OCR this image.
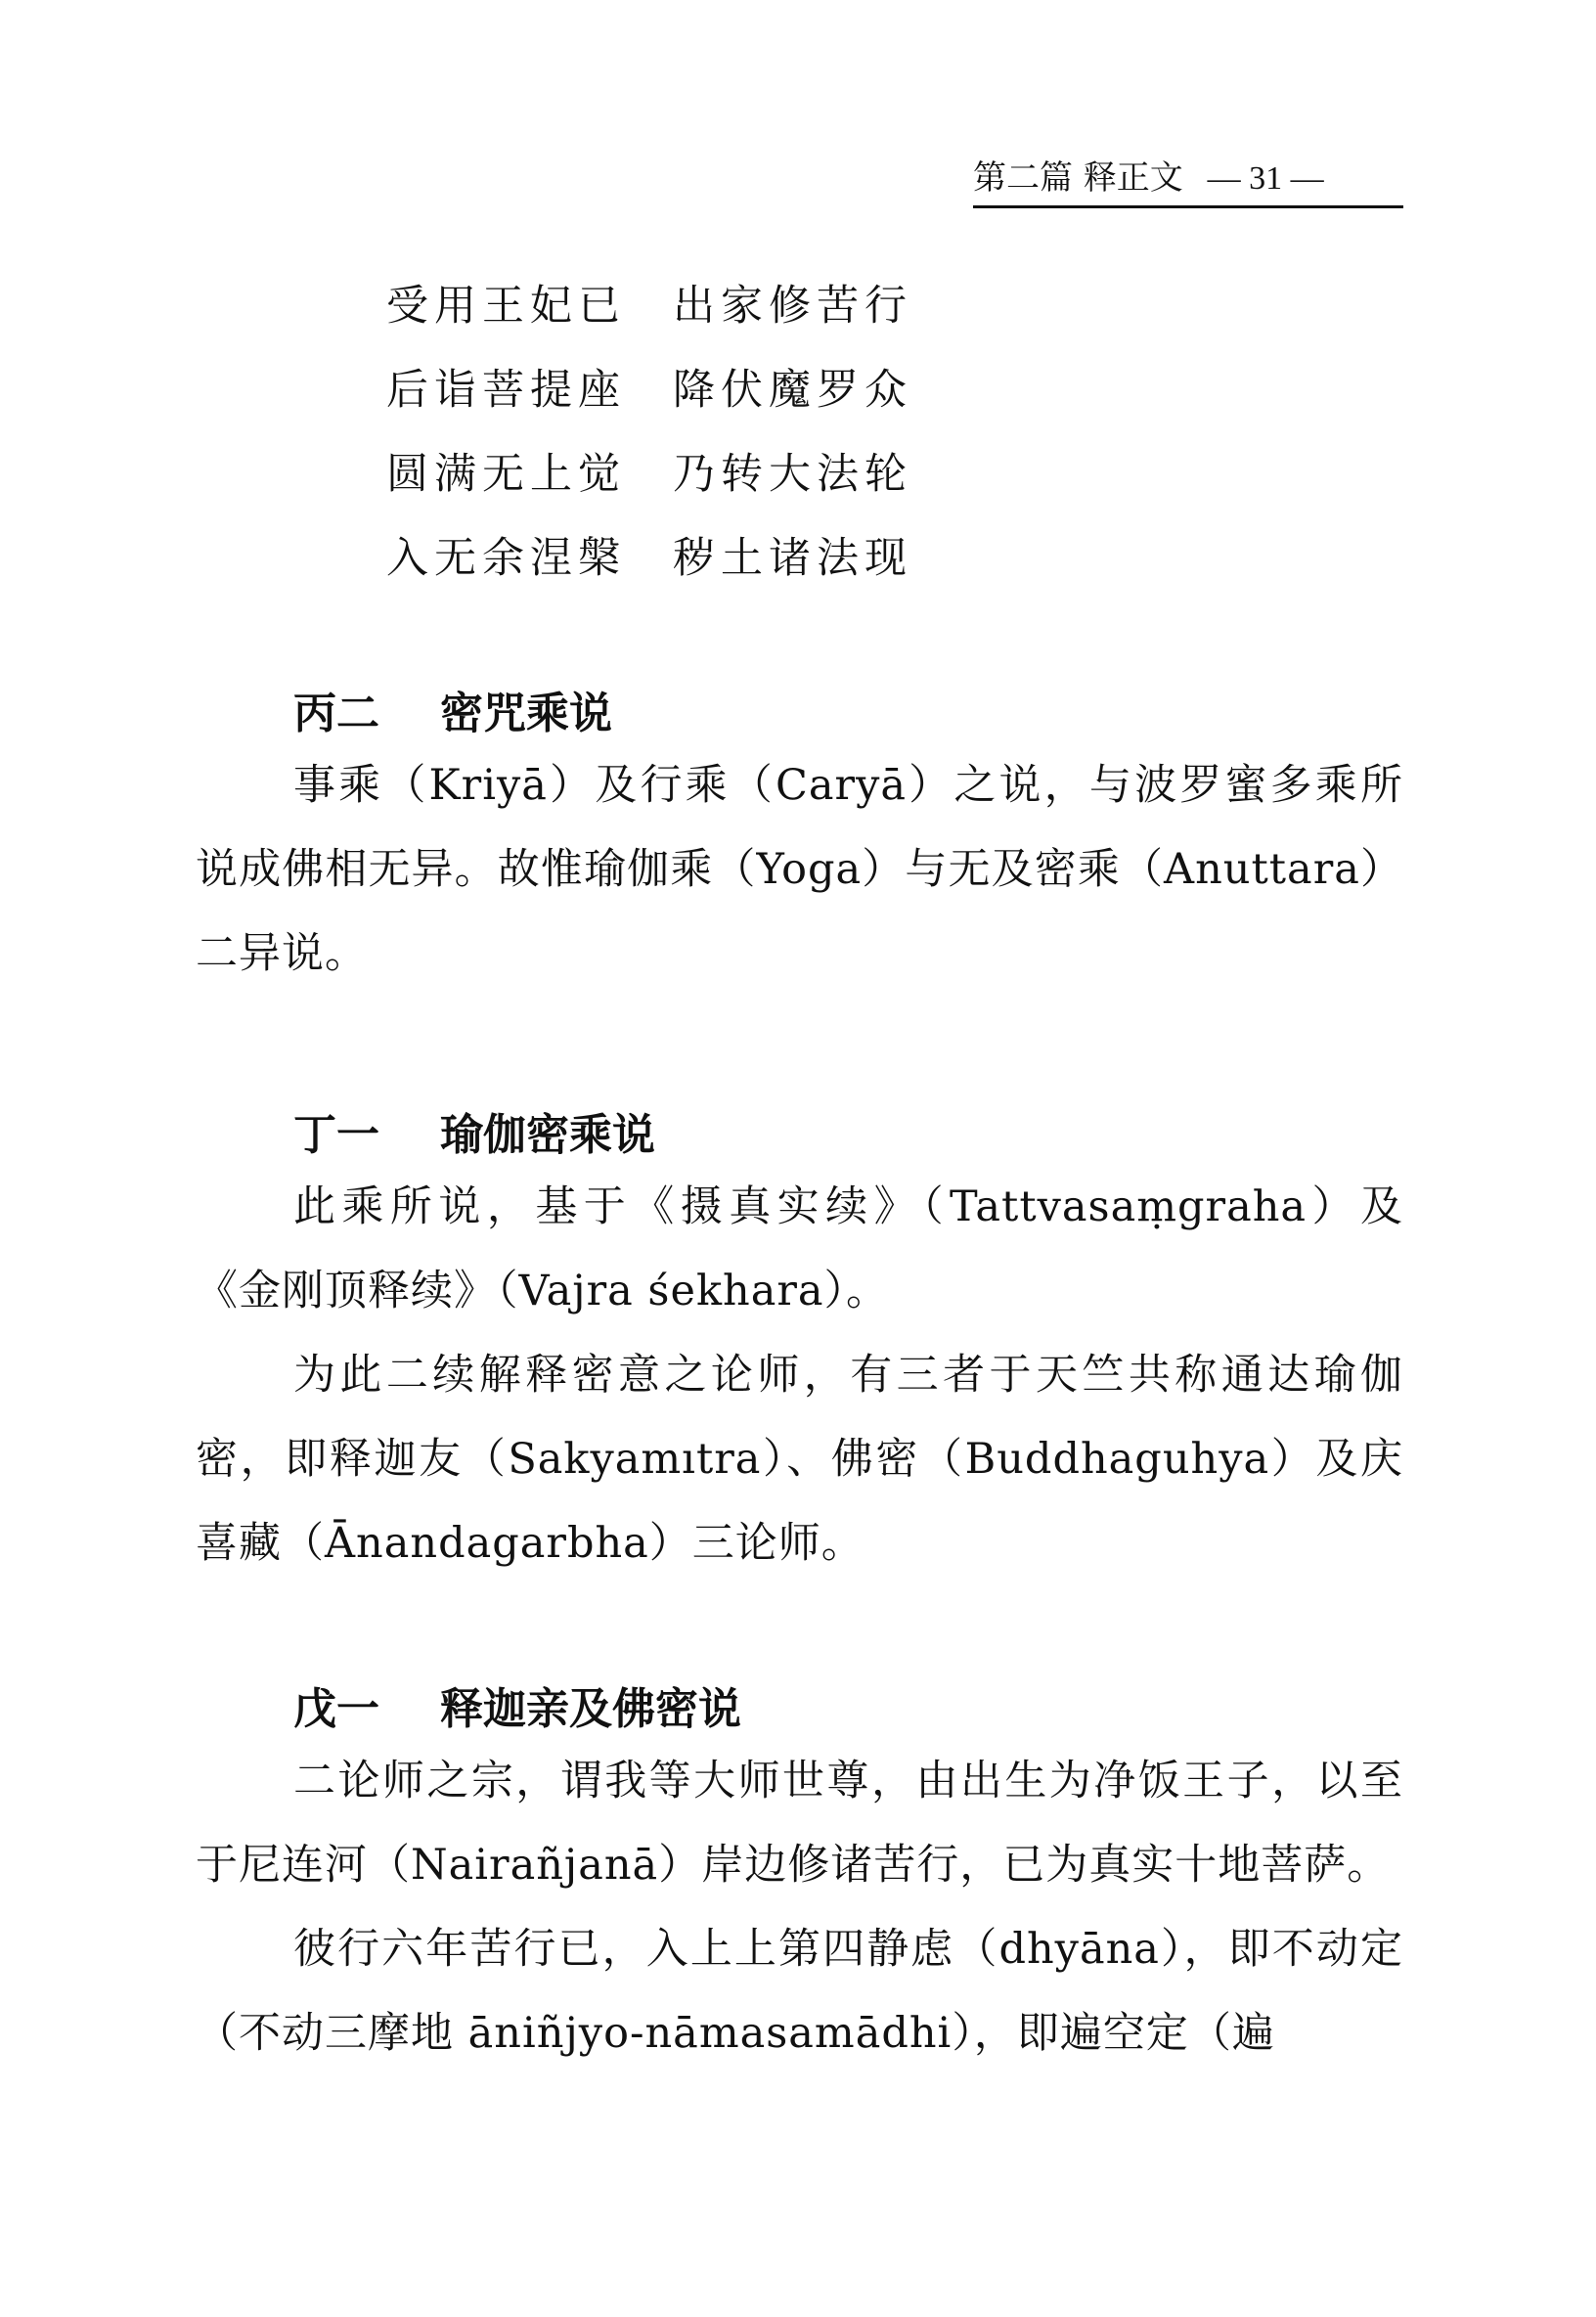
第二篇 释正文 — 31 —
受用王妃已 出家修苦行
后诣菩提座 降伏魔罗众
圆满无上觉 乃转大法轮
入无余涅槃 秽土诸法现
丙二 密咒乘说

事乘（Kriyā）及行乘（Caryā）之说，与波罗蜜多乘所说成佛相无异。故惟瑜伽乘（Yoga）与无及密乘（Anuttara）二异说。

丁一 瑜伽密乘说

此乘所说，基于《摄真实续》（Tattvasaṃgraha）及《金刚顶释续》（Vajra śekhara）。

为此二续解释密意之论师，有三者于天竺共称通达瑜伽密，即释迦友（Sakyamıtra）、佛密（Buddhaguhya）及庆喜藏（Ānandagarbha）三论师。

戊一 释迦亲及佛密说

二论师之宗，谓我等大师世尊，由出生为净饭王子，以至于尼连河（Nairañjanā）岸边修诸苦行，已为真实十地菩萨。

彼行六年苦行已，入上上第四静虑（dhyāna），即不动定（不动三摩地 āniñjyo-nāmasamādhi），即遍空定（遍
